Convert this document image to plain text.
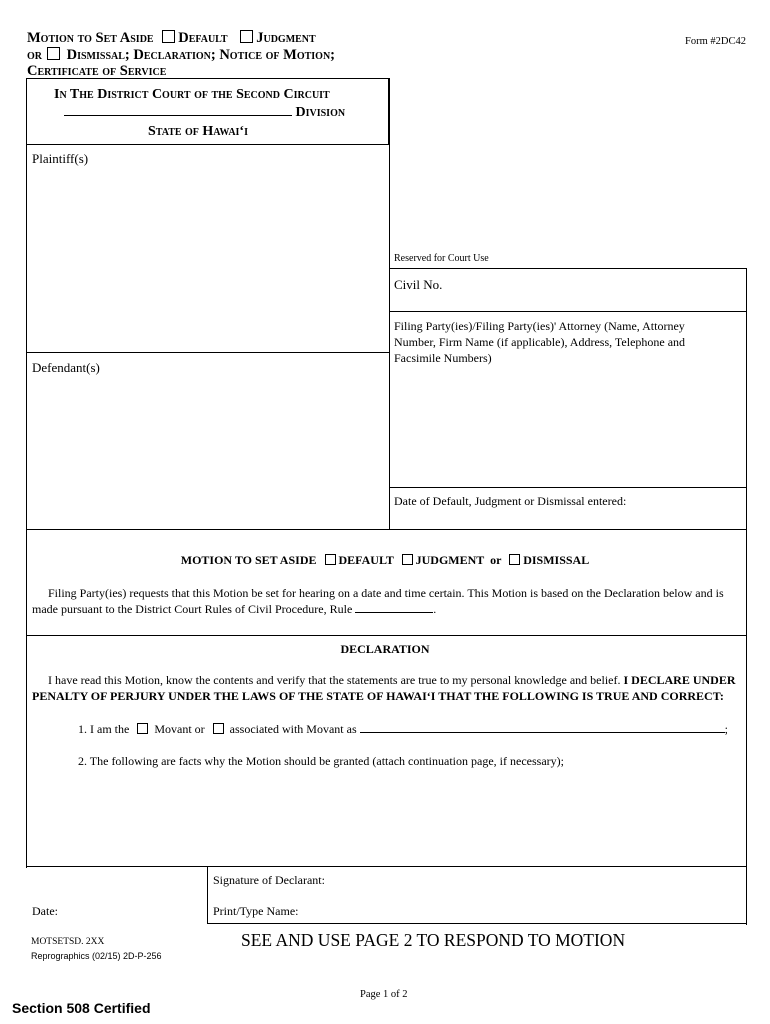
Motion to Set Aside Default Judgment
or Dismissal; Declaration; Notice of Motion;
Certificate of Service
Form #2DC42
In The District Court of the Second Circuit
Division
State of Hawai‘i
Plaintiff(s)
Defendant(s)
Reserved for Court Use
Civil No.
Filing Party(ies)/Filing Party(ies)' Attorney (Name, Attorney Number, Firm Name (if applicable), Address, Telephone and Facsimile Numbers)
Date of Default, Judgment or Dismissal entered:
MOTION TO SET ASIDE DEFAULT JUDGMENT or DISMISSAL
Filing Party(ies) requests that this Motion be set for hearing on a date and time certain. This Motion is based on the Declaration below and is made pursuant to the District Court Rules of Civil Procedure, Rule	.
DECLARATION
I have read this Motion, know the contents and verify that the statements are true to my personal knowledge and belief. I DECLARE UNDER PENALTY OF PERJURY UNDER THE LAWS OF THE STATE OF HAWAI‘I THAT THE FOLLOWING IS TRUE AND CORRECT:
1. I am the Movant or associated with Movant as	;
2. The following are facts why the Motion should be granted (attach continuation page, if necessary);
Date:
Signature of Declarant:
Print/Type Name:
MOTSETSD. 2XX
Reprographics (02/15) 2D-P-256
SEE AND USE PAGE 2 TO RESPOND TO MOTION
Page 1 of 2
Section 508 Certified
